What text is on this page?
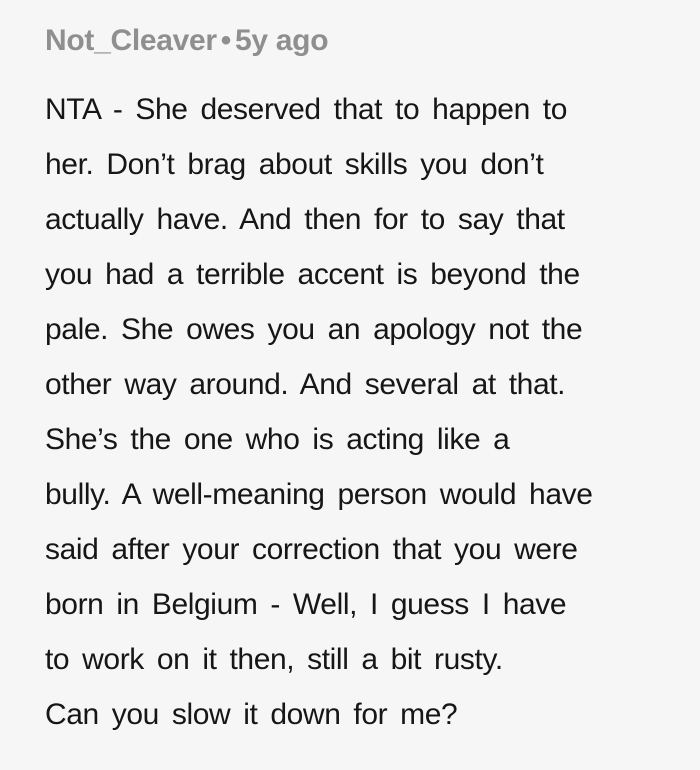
Not_Cleaver • 5y ago
NTA - She deserved that to happen to
her. Don’t brag about skills you don’t
actually have. And then for to say that
you had a terrible accent is beyond the
pale. She owes you an apology not the
other way around. And several at that.
She’s the one who is acting like a
bully. A well-meaning person would have
said after your correction that you were
born in Belgium - Well, I guess I have
to work on it then, still a bit rusty.
Can you slow it down for me?
